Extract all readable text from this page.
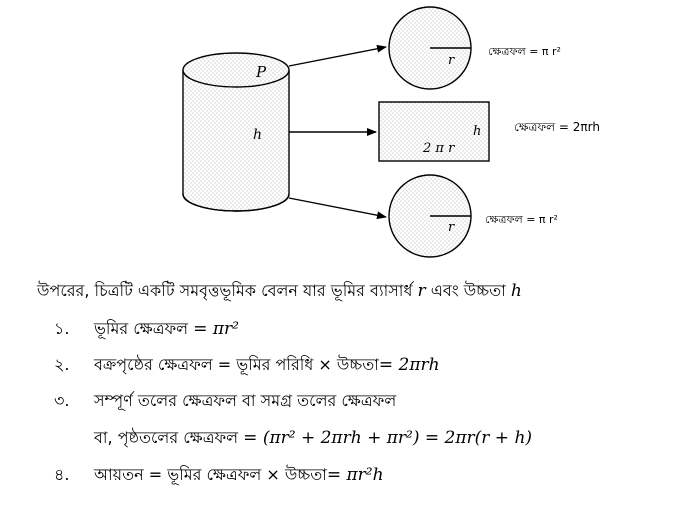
P
h
r
ক্ষেত্রফল = π r²
h
2 π r
ক্ষেত্রফল = 2πrh
r
ক্ষেত্রফল = π r²
উপরের, চিত্রটি একটি সমবৃত্তভূমিক বেলন যার ভূমির ব্যাসার্ধ r এবং উচ্চতা h
১. ভূমির ক্ষেত্রফল = πr²
২. বক্রপৃষ্ঠের ক্ষেত্রফল = ভূমির পরিধি × উচ্চতা= 2πrh
৩. সম্পূর্ণ তলের ক্ষেত্রফল বা সমগ্র তলের ক্ষেত্রফল
বা, পৃষ্ঠতলের ক্ষেত্রফল = (πr² + 2πrh + πr²) = 2πr(r + h)
৪. আয়তন = ভূমির ক্ষেত্রফল × উচ্চতা= πr²h
